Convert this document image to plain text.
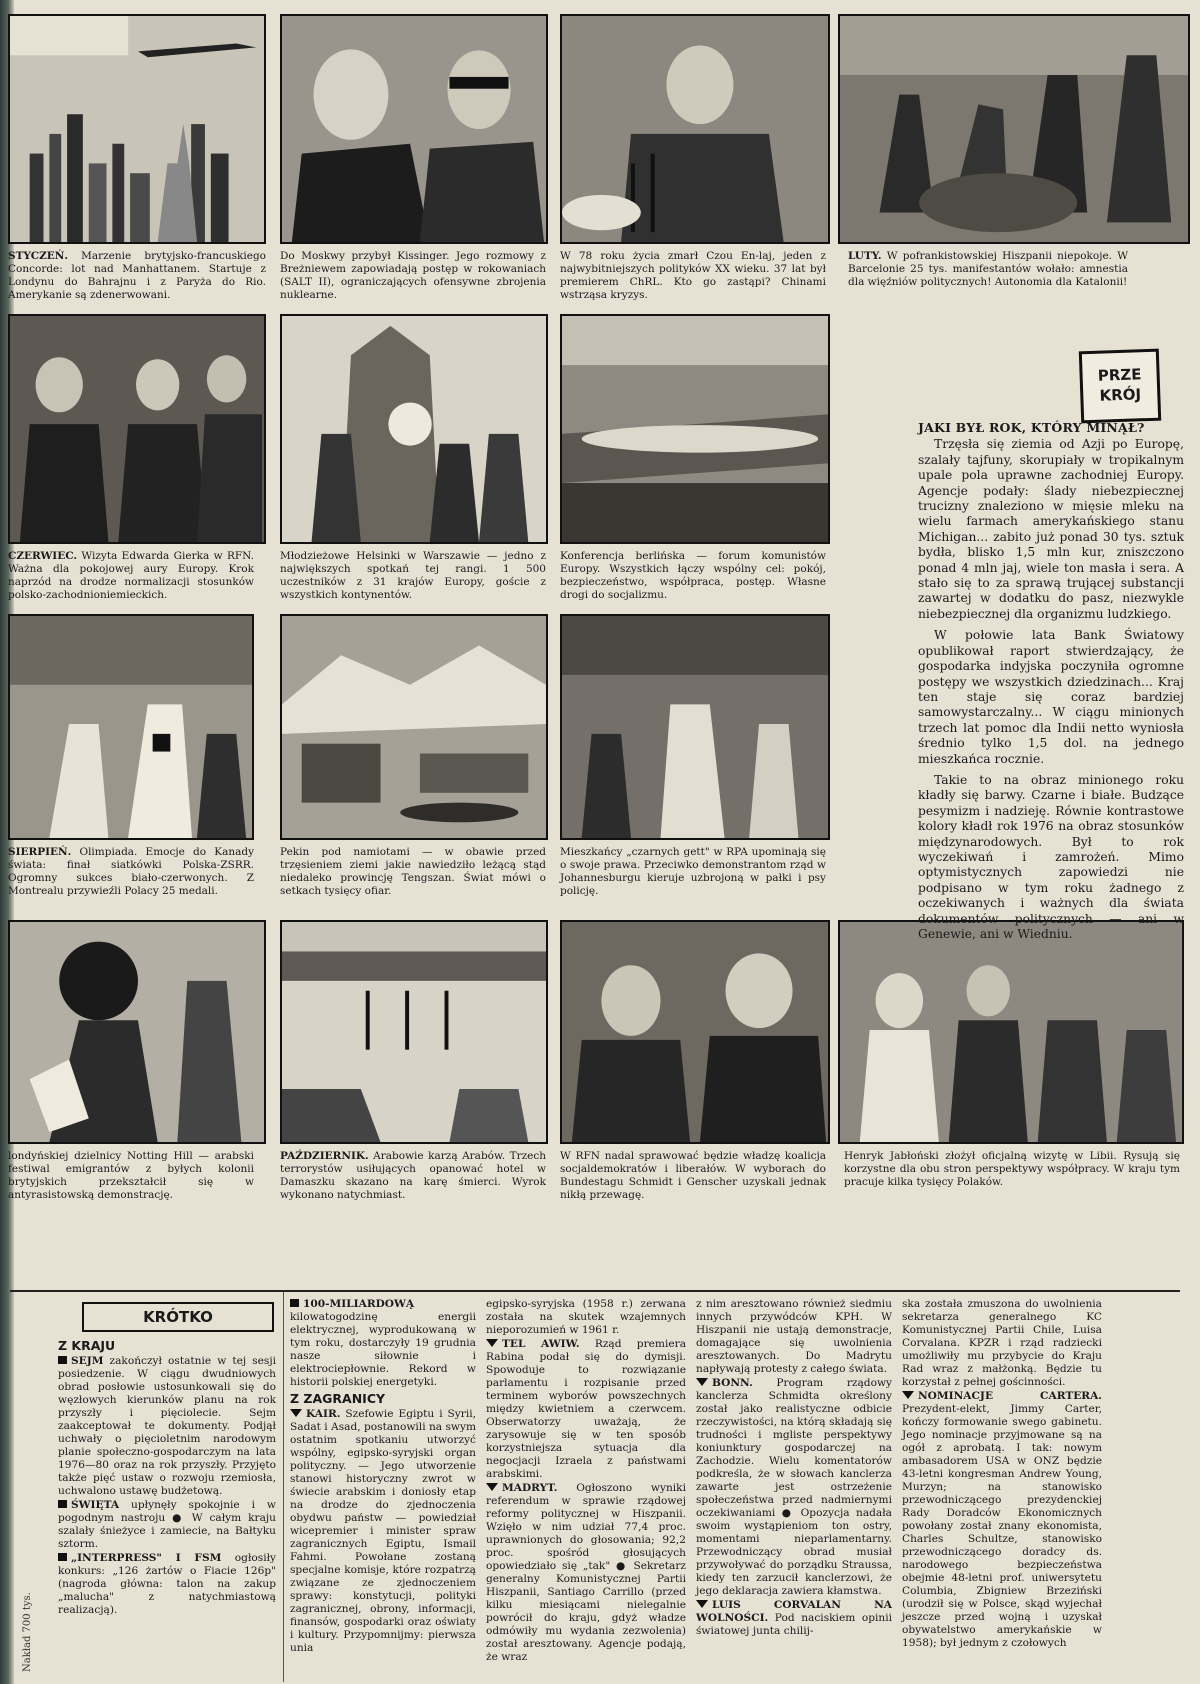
STYCZEŃ. Marzenie brytyjsko-francuskiego Concorde: lot nad Manhattanem. Startuje z Londynu do Bahrajnu i z Paryża do Rio. Amerykanie są zdenerwowani.
Do Moskwy przybył Kissinger. Jego rozmowy z Breżniewem zapowiadają postęp w rokowaniach (SALT II), ograniczających ofensywne zbrojenia nuklearne.
W 78 roku życia zmarł Czou En-laj, jeden z najwybitniejszych polityków XX wieku. 37 lat był premierem ChRL. Kto go zastąpi? Chinami wstrząsa kryzys.
LUTY. W pofrankistowskiej Hiszpanii niepokoje. W Barcelonie 25 tys. manifestantów wołało: amnestia dla więźniów politycznych! Autonomia dla Katalonii!
CZERWIEC. Wizyta Edwarda Gierka w RFN. Ważna dla pokojowej aury Europy. Krok naprzód na drodze normalizacji stosunków polsko-zachodnioniemieckich.
Młodzieżowe Helsinki w Warszawie — jedno z największych spotkań tej rangi. 1 500 uczestników z 31 krajów Europy, goście z wszystkich kontynentów.
Konferencja berlińska — forum komunistów Europy. Wszystkich łączy wspólny cel: pokój, bezpieczeństwo, współpraca, postęp. Własne drogi do socjalizmu.
PRZE
KRÓJ
SIERPIEŃ. Olimpiada. Emocje do Kanady świata: finał siatkówki Polska-ZSRR. Ogromny sukces biało-czerwonych. Z Montrealu przywieźli Polacy 25 medali.
Pekin pod namiotami — w obawie przed trzęsieniem ziemi jakie nawiedziło leżącą stąd niedaleko prowincję Tengszan. Świat mówi o setkach tysięcy ofiar.
Mieszkańcy „czarnych gett" w RPA upominają się o swoje prawa. Przeciwko demonstrantom rząd w Johannesburgu kieruje uzbrojoną w pałki i psy policję.
londyńskiej dzielnicy Notting Hill — arabski festiwal emigrantów z byłych kolonii brytyjskich przekształcił się w antyrasistowską demonstrację.
PAŹDZIERNIK. Arabowie karzą Arabów. Trzech terrorystów usiłujących opanować hotel w Damaszku skazano na karę śmierci. Wyrok wykonano natychmiast.
W RFN nadal sprawować będzie władzę koalicja socjaldemokratów i liberałów. W wyborach do Bundestagu Schmidt i Genscher uzyskali jednak nikłą przewagę.
Henryk Jabłoński złożył oficjalną wizytę w Libii. Rysują się korzystne dla obu stron perspektywy współpracy. W kraju tym pracuje kilka tysięcy Polaków.
JAKI BYŁ ROK, KTÓRY MINĄŁ?

Trzęsła się ziemia od Azji po Europę, szalały tajfuny, skorupiały w tropikalnym upale pola uprawne zachodniej Europy. Agencje podały: ślady niebezpiecznej trucizny znaleziono w mięsie mleku na wielu farmach amerykańskiego stanu Michigan... zabito już ponad 30 tys. sztuk bydła, blisko 1,5 mln kur, zniszczono ponad 4 mln jaj, wiele ton masła i sera. A stało się to za sprawą trującej substancji zawartej w dodatku do pasz, niezwykle niebezpiecznej dla organizmu ludzkiego.

W połowie lata Bank Światowy opublikował raport stwierdzający, że gospodarka indyjska poczyniła ogromne postępy we wszystkich dziedzinach... Kraj ten staje się coraz bardziej samowystarczalny... W ciągu minionych trzech lat pomoc dla Indii netto wyniosła średnio tylko 1,5 dol. na jednego mieszkańca rocznie.

Takie to na obraz minionego roku kładły się barwy. Czarne i białe. Budzące pesymizm i nadzieję. Równie kontrastowe kolory kładł rok 1976 na obraz stosunków międzynarodowych. Był to rok wyczekiwań i zamrożeń. Mimo optymistycznych zapowiedzi nie podpisano w tym roku żadnego z oczekiwanych i ważnych dla świata dokumentów politycznych — ani w Genewie, ani w Wiedniu.

Nakład 700 tys.
KRÓTKO
Z KRAJU

SEJM zakończył ostatnie w tej sesji posiedzenie. W ciągu dwudniowych obrad posłowie ustosunkowali się do węzłowych kierunków planu na rok przyszły i pięciolecie. Sejm zaakceptował te dokumenty. Podjął uchwały o pięcioletnim narodowym planie społeczno-gospodarczym na lata 1976—80 oraz na rok przyszły. Przyjęto także pięć ustaw o rozwoju rzemiosła, uchwalono ustawę budżetową.

ŚWIĘTA upłynęły spokojnie i w pogodnym nastroju ● W całym kraju szalały śnieżyce i zamiecie, na Bałtyku sztorm.

„INTERPRESS" I FSM ogłosiły konkurs: „126 żartów o Fiacie 126p" (nagroda główna: talon na zakup „malucha" z natychmiastową realizacją).

100-MILIARDOWĄ kilowatogodzinę energii elektrycznej, wyprodukowaną w tym roku, dostarczyły 19 grudnia nasze siłownie i elektrociepłownie. Rekord w historii polskiej energetyki.

Z ZAGRANICY

KAIR. Szefowie Egiptu i Syrii, Sadat i Asad, postanowili na swym ostatnim spotkaniu utworzyć wspólny, egipsko-syryjski organ polityczny. — Jego utworzenie stanowi historyczny zwrot w świecie arabskim i doniosły etap na drodze do zjednoczenia obydwu państw — powiedział wicepremier i minister spraw zagranicznych Egiptu, Ismail Fahmi. Powołane zostaną specjalne komisje, które rozpatrzą związane ze zjednoczeniem sprawy: konstytucji, polityki zagranicznej, obrony, informacji, finansów, gospodarki oraz oświaty i kultury. Przypomnijmy: pierwsza unia

egipsko-syryjska (1958 r.) zerwana została na skutek wzajemnych nieporozumień w 1961 r.

TEL AWIW. Rząd premiera Rabina podał się do dymisji. Spowoduje to rozwiązanie parlamentu i rozpisanie przed terminem wyborów powszechnych między kwietniem a czerwcem. Obserwatorzy uważają, że zarysowuje się w ten sposób korzystniejsza sytuacja dla negocjacji Izraela z państwami arabskimi.

MADRYT. Ogłoszono wyniki referendum w sprawie rządowej reformy politycznej w Hiszpanii. Wzięło w nim udział 77,4 proc. uprawnionych do głosowania; 92,2 proc. spośród głosujących opowiedziało się „tak" ● Sekretarz generalny Komunistycznej Partii Hiszpanii, Santiago Carrillo (przed kilku miesiącami nielegalnie powrócił do kraju, gdyż władze odmówiły mu wydania zezwolenia) został aresztowany. Agencje podają, że wraz

z nim aresztowano również siedmiu innych przywódców KPH. W Hiszpanii nie ustają demonstracje, domagające się uwolnienia aresztowanych. Do Madrytu napływają protesty z całego świata.

BONN. Program rządowy kanclerza Schmidta określony został jako realistyczne odbicie rzeczywistości, na którą składają się trudności i mgliste perspektywy koniunktury gospodarczej na Zachodzie. Wielu komentatorów podkreśla, że w słowach kanclerza zawarte jest ostrzeżenie społeczeństwa przed nadmiernymi oczekiwaniami ● Opozycja nadała swoim wystąpieniom ton ostry, momentami nieparlamentarny. Przewodniczący obrad musiał przywoływać do porządku Straussa, kiedy ten zarzucił kanclerzowi, że jego deklaracja zawiera kłamstwa.

LUIS CORVALAN NA WOLNOŚCI. Pod naciskiem opinii światowej junta chilij-

ska została zmuszona do uwolnienia sekretarza generalnego KC Komunistycznej Partii Chile, Luisa Corvalana. KPZR i rząd radziecki umożliwiły mu przybycie do Kraju Rad wraz z małżonką. Będzie tu korzystał z pełnej gościnności.

NOMINACJE CARTERA. Prezydent-elekt, Jimmy Carter, kończy formowanie swego gabinetu. Jego nominacje przyjmowane są na ogół z aprobatą. I tak: nowym ambasadorem USA w ONZ będzie 43-letni kongresman Andrew Young, Murzyn; na stanowisko przewodniczącego prezydenckiej Rady Doradców Ekonomicznych powołany został znany ekonomista, Charles Schultze, stanowisko przewodniczącego doradcy ds. narodowego bezpieczeństwa obejmie 48-letni prof. uniwersytetu Columbia, Zbigniew Brzeziński (urodził się w Polsce, skąd wyjechał jeszcze przed wojną i uzyskał obywatelstwo amerykańskie w 1958); był jednym z czołowych
